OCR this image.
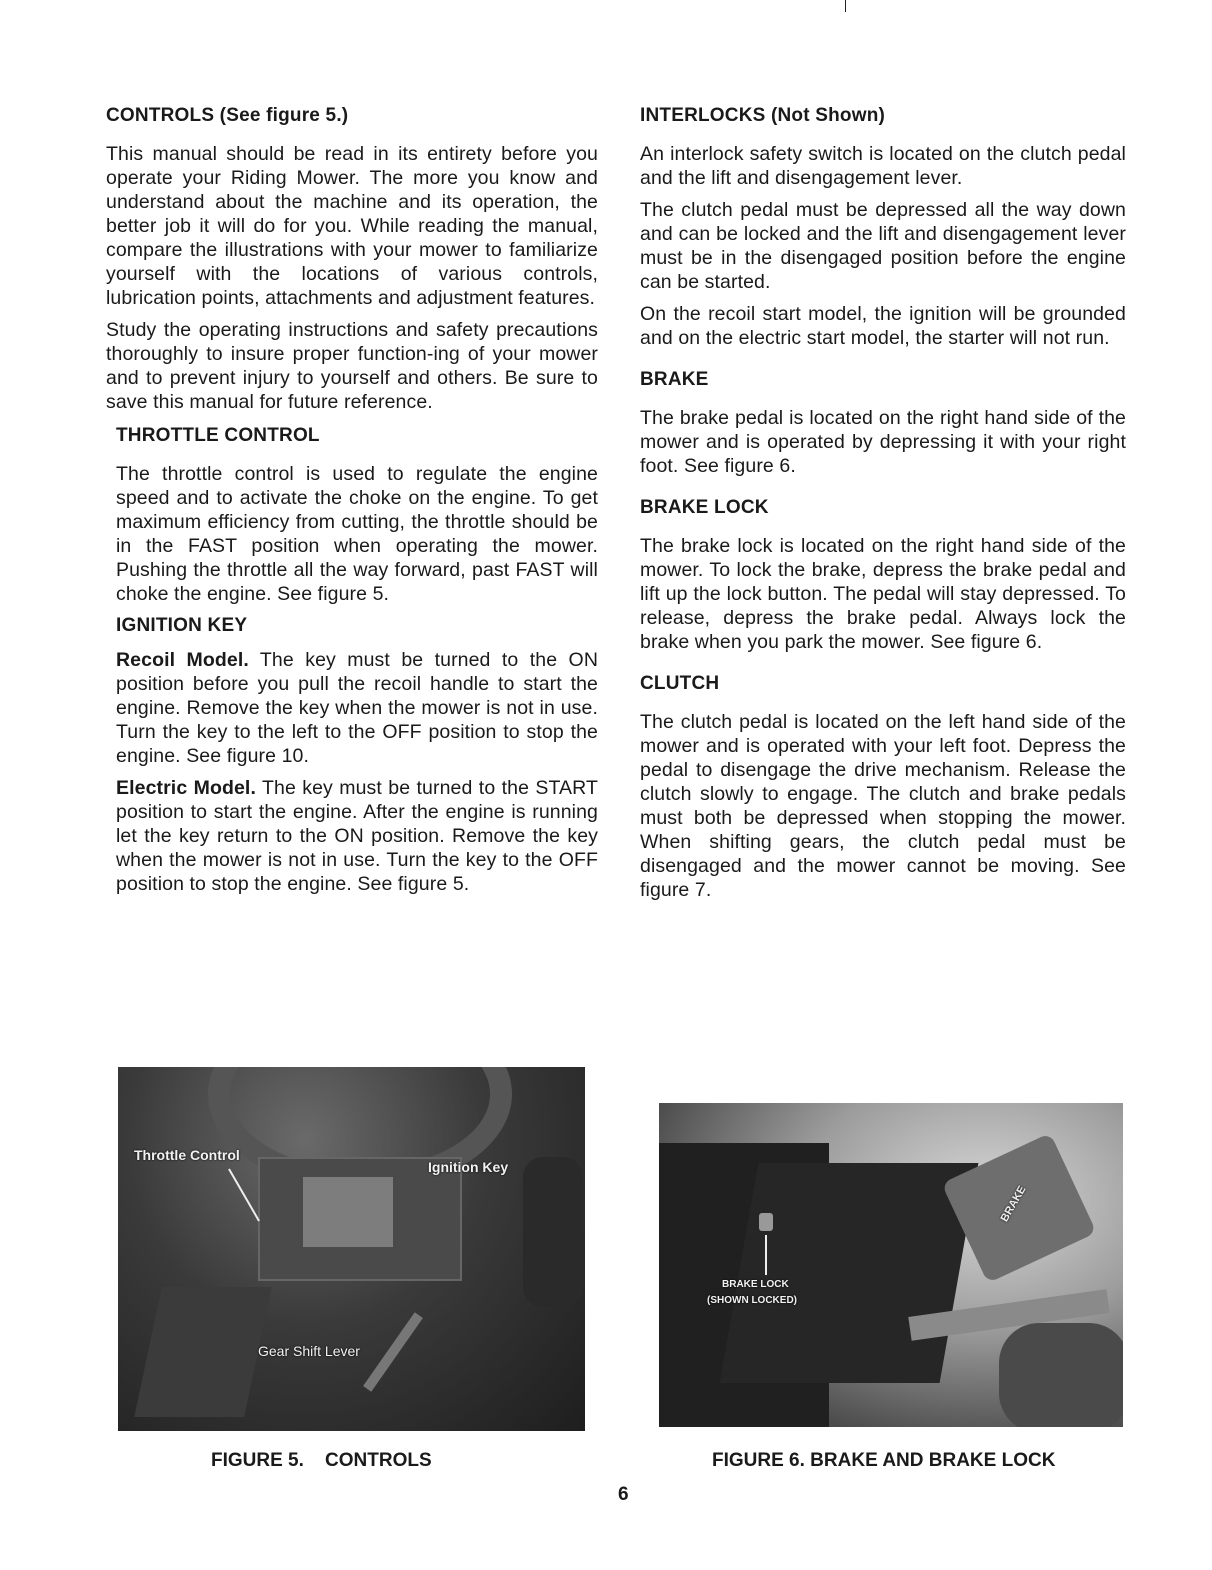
CONTROLS (See figure 5.)

This manual should be read in its entirety before you operate your Riding Mower. The more you know and understand about the machine and its operation, the better job it will do for you. While reading the manual, compare the illustrations with your mower to familiarize yourself with the locations of various controls, lubrication points, attachments and adjustment features.

Study the operating instructions and safety precautions thoroughly to insure proper function-ing of your mower and to prevent injury to yourself and others. Be sure to save this manual for future reference.

THROTTLE CONTROL

The throttle control is used to regulate the engine speed and to activate the choke on the engine. To get maximum efficiency from cutting, the throttle should be in the FAST position when operating the mower. Pushing the throttle all the way forward, past FAST will choke the engine. See figure 5.

IGNITION KEY

Recoil Model. The key must be turned to the ON position before you pull the recoil handle to start the engine. Remove the key when the mower is not in use. Turn the key to the left to the OFF position to stop the engine. See figure 10.

Electric Model. The key must be turned to the START position to start the engine. After the engine is running let the key return to the ON position. Remove the key when the mower is not in use. Turn the key to the OFF position to stop the engine. See figure 5.

INTERLOCKS (Not Shown)

An interlock safety switch is located on the clutch pedal and the lift and disengagement lever.

The clutch pedal must be depressed all the way down and can be locked and the lift and disengagement lever must be in the disengaged position before the engine can be started.

On the recoil start model, the ignition will be grounded and on the electric start model, the starter will not run.

BRAKE

The brake pedal is located on the right hand side of the mower and is operated by depressing it with your right foot. See figure 6.

BRAKE LOCK

The brake lock is located on the right hand side of the mower. To lock the brake, depress the brake pedal and lift up the lock button. The pedal will stay depressed. To release, depress the brake pedal. Always lock the brake when you park the mower. See figure 6.

CLUTCH

The clutch pedal is located on the left hand side of the mower and is operated with your left foot. Depress the pedal to disengage the drive mechanism. Release the clutch slowly to engage. The clutch and brake pedals must both be depressed when stopping the mower. When shifting gears, the clutch pedal must be disengaged and the mower cannot be moving. See figure 7.

Throttle Control
Ignition Key
Gear Shift Lever
FIGURE 5.    CONTROLS
BRAKE
BRAKE LOCK
(SHOWN LOCKED)
FIGURE 6. BRAKE AND BRAKE LOCK
6
